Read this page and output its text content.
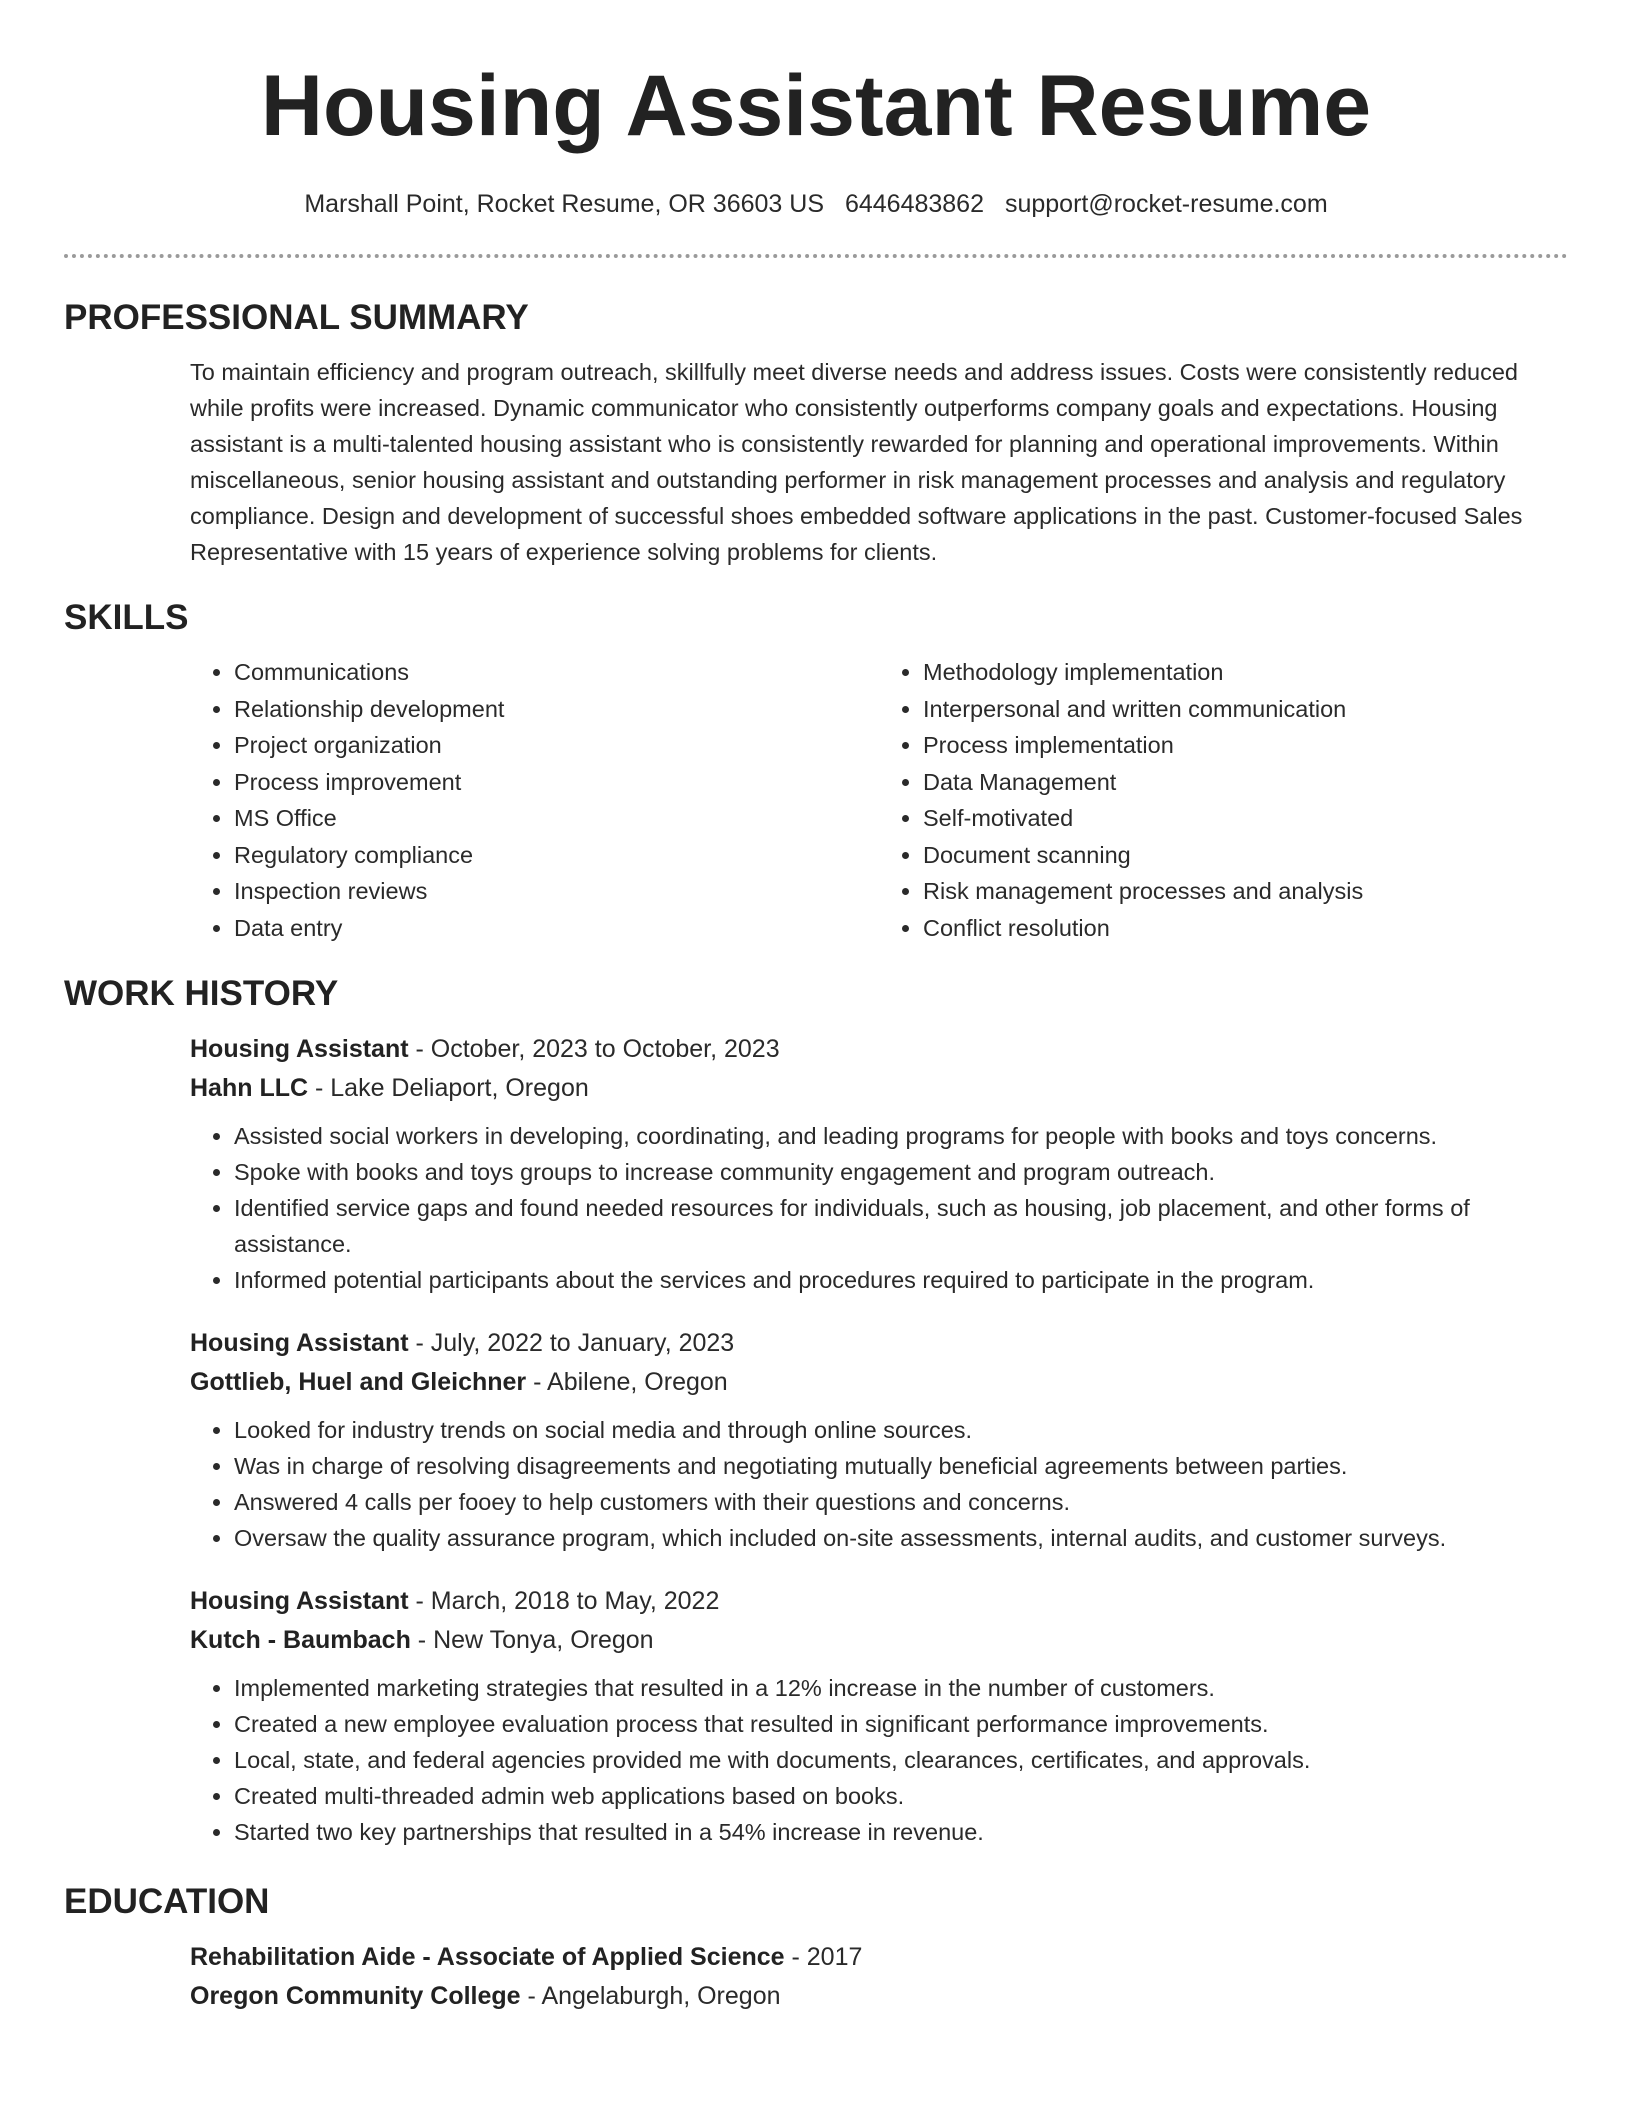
Housing Assistant Resume
Marshall Point, Rocket Resume, OR 36603 US 6446483862 support@rocket-resume.com
PROFESSIONAL SUMMARY

To maintain efficiency and program outreach, skillfully meet diverse needs and address issues. Costs were consistently reduced while profits were increased. Dynamic communicator who consistently outperforms company goals and expectations. Housing assistant is a multi-talented housing assistant who is consistently rewarded for planning and operational improvements. Within miscellaneous, senior housing assistant and outstanding performer in risk management processes and analysis and regulatory compliance. Design and development of successful shoes embedded software applications in the past. Customer-focused Sales Representative with 15 years of experience solving problems for clients.

SKILLS
• Communications
• Relationship development
• Project organization
• Process improvement
• MS Office
• Regulatory compliance
• Inspection reviews
• Data entry
• Methodology implementation
• Interpersonal and written communication
• Process implementation
• Data Management
• Self-motivated
• Document scanning
• Risk management processes and analysis
• Conflict resolution
WORK HISTORY
Housing Assistant - October, 2023 to October, 2023
Hahn LLC - Lake Deliaport, Oregon
• Assisted social workers in developing, coordinating, and leading programs for people with books and toys concerns.
• Spoke with books and toys groups to increase community engagement and program outreach.
• Identified service gaps and found needed resources for individuals, such as housing, job placement, and other forms of assistance.
• Informed potential participants about the services and procedures required to participate in the program.
Housing Assistant - July, 2022 to January, 2023
Gottlieb, Huel and Gleichner - Abilene, Oregon
• Looked for industry trends on social media and through online sources.
• Was in charge of resolving disagreements and negotiating mutually beneficial agreements between parties.
• Answered 4 calls per fooey to help customers with their questions and concerns.
• Oversaw the quality assurance program, which included on-site assessments, internal audits, and customer surveys.
Housing Assistant - March, 2018 to May, 2022
Kutch - Baumbach - New Tonya, Oregon
• Implemented marketing strategies that resulted in a 12% increase in the number of customers.
• Created a new employee evaluation process that resulted in significant performance improvements.
• Local, state, and federal agencies provided me with documents, clearances, certificates, and approvals.
• Created multi-threaded admin web applications based on books.
• Started two key partnerships that resulted in a 54% increase in revenue.
EDUCATION
Rehabilitation Aide - Associate of Applied Science - 2017
Oregon Community College - Angelaburgh, Oregon
